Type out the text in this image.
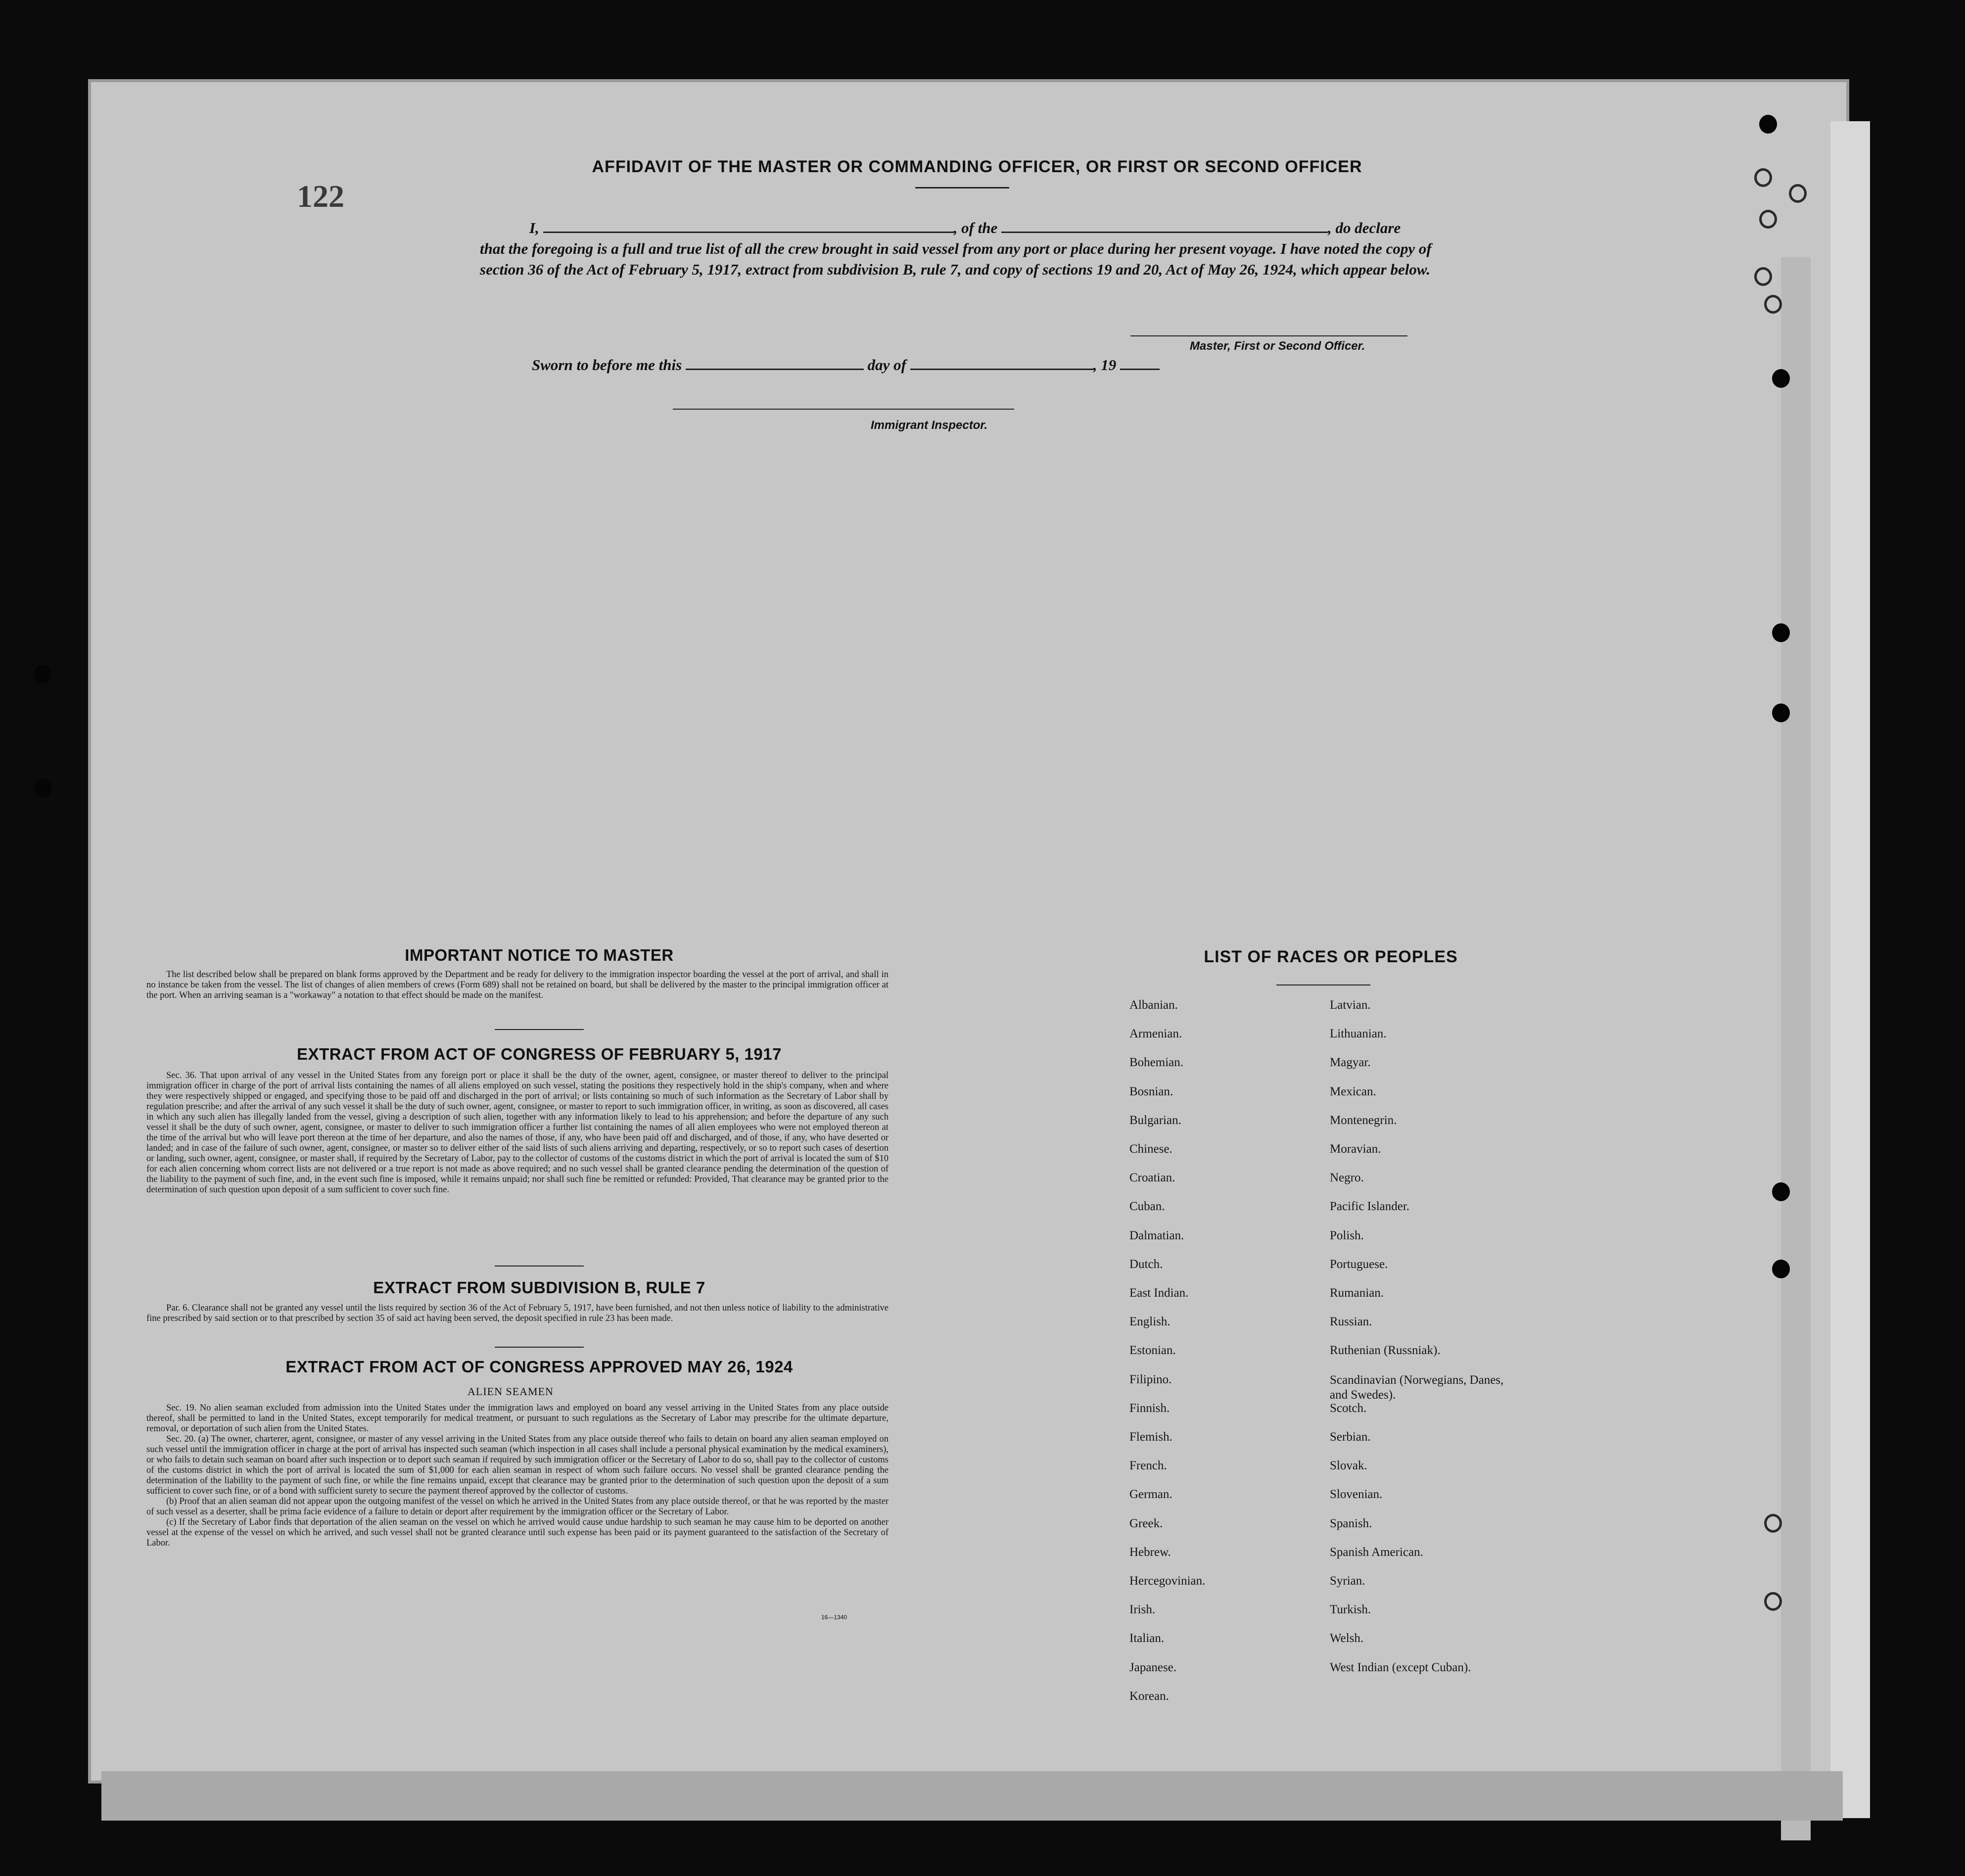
122
AFFIDAVIT OF THE MASTER OR COMMANDING OFFICER, OR FIRST OR SECOND OFFICER
I,	, of the	, do declare
that the foregoing is a full and true list of all the crew brought in said vessel from any port or place during her present voyage. I have noted the copy of section 36 of the Act of February 5, 1917, extract from subdivision B, rule 7, and copy of sections 19 and 20, Act of May 26, 1924, which appear below.
Master, First or Second Officer.
Sworn to before me this	day of	, 19
Immigrant Inspector.
IMPORTANT NOTICE TO MASTER

The list described below shall be prepared on blank forms approved by the Department and be ready for delivery to the immigration inspector boarding the vessel at the port of arrival, and shall in no instance be taken from the vessel. The list of changes of alien members of crews (Form 689) shall not be retained on board, but shall be delivered by the master to the principal immigration officer at the port. When an arriving seaman is a "workaway" a notation to that effect should be made on the manifest.

EXTRACT FROM ACT OF CONGRESS OF FEBRUARY 5, 1917

Sec. 36. That upon arrival of any vessel in the United States from any foreign port or place it shall be the duty of the owner, agent, consignee, or master thereof to deliver to the principal immigration officer in charge of the port of arrival lists containing the names of all aliens employed on such vessel, stating the positions they respectively hold in the ship's company, when and where they were respectively shipped or engaged, and specifying those to be paid off and discharged in the port of arrival; or lists containing so much of such information as the Secretary of Labor shall by regulation prescribe; and after the arrival of any such vessel it shall be the duty of such owner, agent, consignee, or master to report to such immigration officer, in writing, as soon as discovered, all cases in which any such alien has illegally landed from the vessel, giving a description of such alien, together with any information likely to lead to his apprehension; and before the departure of any such vessel it shall be the duty of such owner, agent, consignee, or master to deliver to such immigration officer a further list containing the names of all alien employees who were not employed thereon at the time of the arrival but who will leave port thereon at the time of her departure, and also the names of those, if any, who have been paid off and discharged, and of those, if any, who have deserted or landed; and in case of the failure of such owner, agent, consignee, or master so to deliver either of the said lists of such aliens arriving and departing, respectively, or so to report such cases of desertion or landing, such owner, agent, consignee, or master shall, if required by the Secretary of Labor, pay to the collector of customs of the customs district in which the port of arrival is located the sum of $10 for each alien concerning whom correct lists are not delivered or a true report is not made as above required; and no such vessel shall be granted clearance pending the determination of the question of the liability to the payment of such fine, and, in the event such fine is imposed, while it remains unpaid; nor shall such fine be remitted or refunded: Provided, That clearance may be granted prior to the determination of such question upon deposit of a sum sufficient to cover such fine.

EXTRACT FROM SUBDIVISION B, RULE 7

Par. 6. Clearance shall not be granted any vessel until the lists required by section 36 of the Act of February 5, 1917, have been furnished, and not then unless notice of liability to the administrative fine prescribed by said section or to that prescribed by section 35 of said act having been served, the deposit specified in rule 23 has been made.

EXTRACT FROM ACT OF CONGRESS APPROVED MAY 26, 1924
ALIEN SEAMEN

Sec. 19. No alien seaman excluded from admission into the United States under the immigration laws and employed on board any vessel arriving in the United States from any place outside thereof, shall be permitted to land in the United States, except temporarily for medical treatment, or pursuant to such regulations as the Secretary of Labor may prescribe for the ultimate departure, removal, or deportation of such alien from the United States.

Sec. 20. (a) The owner, charterer, agent, consignee, or master of any vessel arriving in the United States from any place outside thereof who fails to detain on board any alien seaman employed on such vessel until the immigration officer in charge at the port of arrival has inspected such seaman (which inspection in all cases shall include a personal physical examination by the medical examiners), or who fails to detain such seaman on board after such inspection or to deport such seaman if required by such immigration officer or the Secretary of Labor to do so, shall pay to the collector of customs of the customs district in which the port of arrival is located the sum of $1,000 for each alien seaman in respect of whom such failure occurs. No vessel shall be granted clearance pending the determination of the liability to the payment of such fine, or while the fine remains unpaid, except that clearance may be granted prior to the determination of such question upon the deposit of a sum sufficient to cover such fine, or of a bond with sufficient surety to secure the payment thereof approved by the collector of customs.

(b) Proof that an alien seaman did not appear upon the outgoing manifest of the vessel on which he arrived in the United States from any place outside thereof, or that he was reported by the master of such vessel as a deserter, shall be prima facie evidence of a failure to detain or deport after requirement by the immigration officer or the Secretary of Labor.

(c) If the Secretary of Labor finds that deportation of the alien seaman on the vessel on which he arrived would cause undue hardship to such seaman he may cause him to be deported on another vessel at the expense of the vessel on which he arrived, and such vessel shall not be granted clearance until such expense has been paid or its payment guaranteed to the satisfaction of the Secretary of Labor.

16—1340
LIST OF RACES OR PEOPLES
Albanian.
Armenian.
Bohemian.
Bosnian.
Bulgarian.
Chinese.
Croatian.
Cuban.
Dalmatian.
Dutch.
East Indian.
English.
Estonian.
Filipino.
Finnish.
Flemish.
French.
German.
Greek.
Hebrew.
Hercegovinian.
Irish.
Italian.
Japanese.
Korean.
Latvian.
Lithuanian.
Magyar.
Mexican.
Montenegrin.
Moravian.
Negro.
Pacific Islander.
Polish.
Portuguese.
Rumanian.
Russian.
Ruthenian (Russniak).
Scandinavian (Norwegians, Danes, and Swedes).
Scotch.
Serbian.
Slovak.
Slovenian.
Spanish.
Spanish American.
Syrian.
Turkish.
Welsh.
West Indian (except Cuban).
